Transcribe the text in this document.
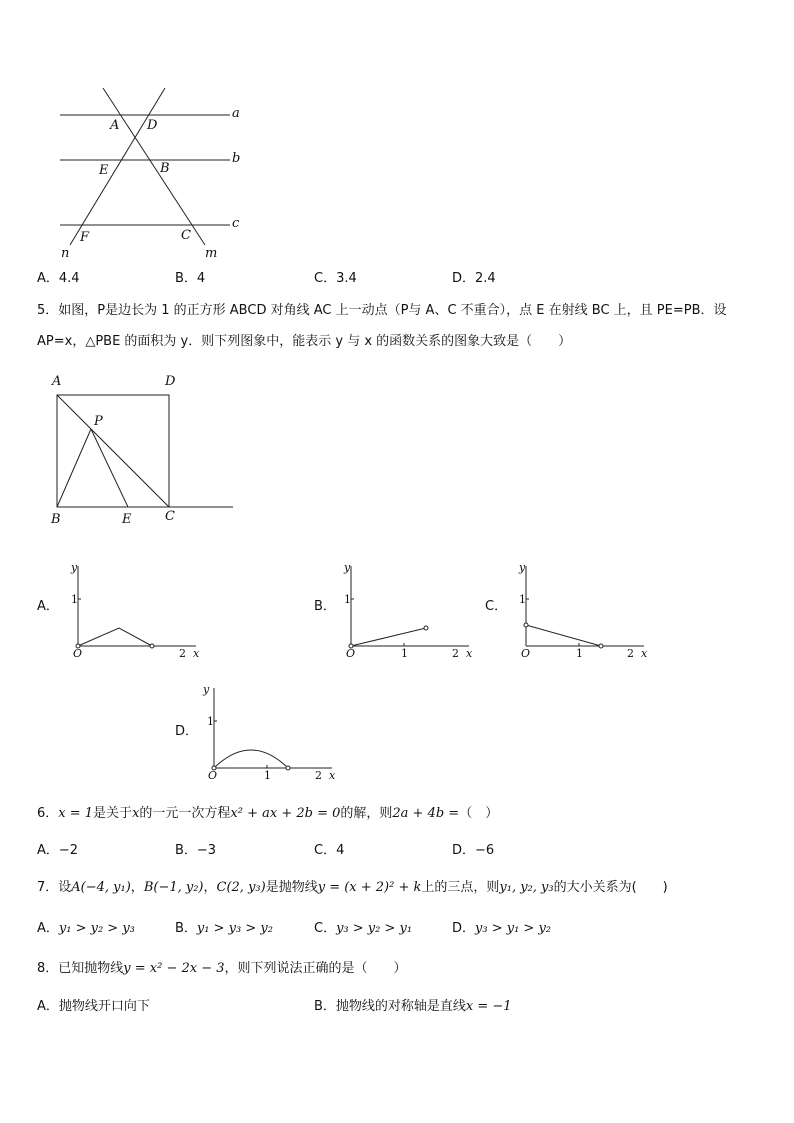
a
b
c
A D
E	B
F	C
n	m
A．4.4	B．4	C．3.4	D．2.4
5．如图，P是边长为 1 的正方形 ABCD 对角线 AC 上一动点（P与 A、C 不重合），点 E 在射线 BC 上，且 PE=PB．设
AP=x，△PBE 的面积为 y．则下列图象中，能表示 y 与 x 的函数关系的图象大致是（　　）
A	D
P
B	E	C
A．
y
1
O	2 x
B．
y
1
O	1	2 x
C．
y
1
O	1	2 x
D．
y
1
O	1	2 x
6．x = 1是关于x的一元一次方程x² + ax + 2b = 0的解，则2a + 4b =（　）
A．−2	B．−3	C．4	D．−6
7．设A(−4, y₁)，B(−1, y₂)，C(2, y₃)是抛物线y = (x + 2)² + k上的三点，则y₁, y₂, y₃的大小关系为(　　)
A．y₁ > y₂ > y₃	B．y₁ > y₃ > y₂	C．y₃ > y₂ > y₁	D．y₃ > y₁ > y₂
8．已知抛物线y = x² − 2x − 3，则下列说法正确的是（　　）
A．抛物线开口向下	B．抛物线的对称轴是直线x = −1
